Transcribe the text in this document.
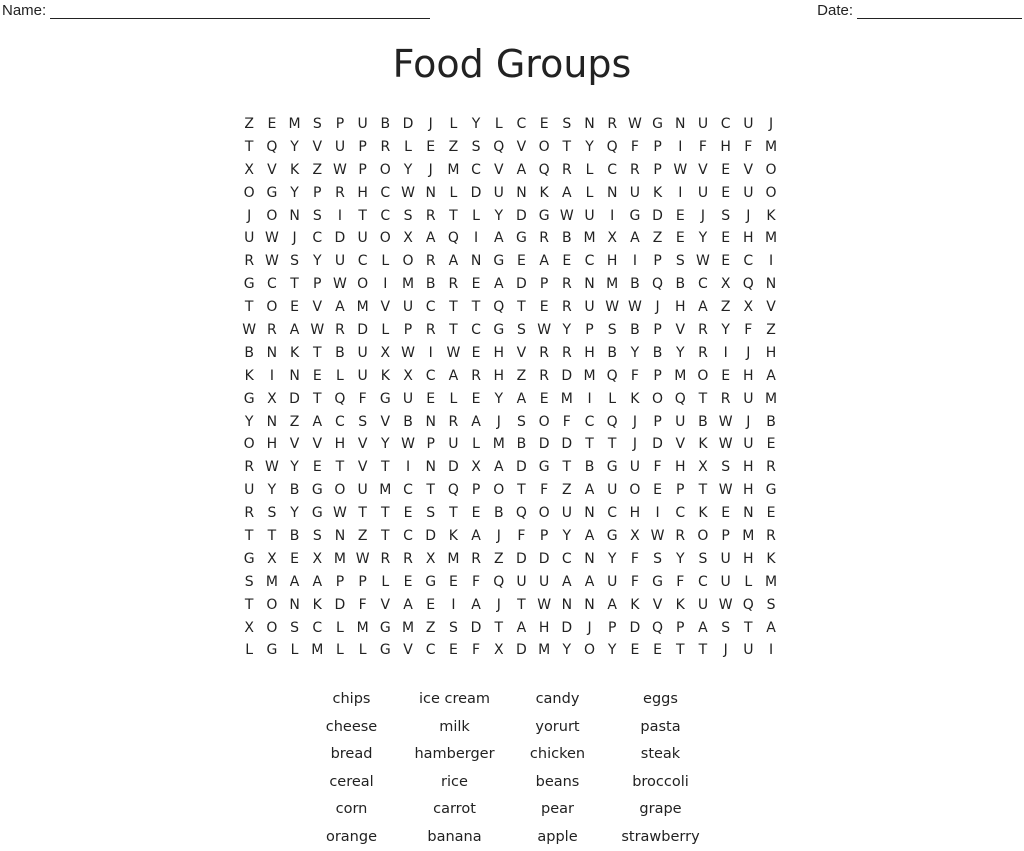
Name:	Date:
Food Groups
Z E M S P U B D	J	L	Y	L C E S N R W G N U C U	J
T Q Y V U P R L	E Z S Q V O T Y Q F	P	I	F H F M
X V K Z W P O Y	J	M C V A Q R L C R P W V E V O
O G Y P R H C W N L D U N K A L N U K	I	U E U O
J	O N S	I	T C S R T	L	Y D G W U	I	G D E	J	S	J	K
U W J	C D U O X A Q	I	A G R B M X A Z E Y E H M
R W S Y U C L O R A N G E A E C H	I	P S W E C	I
G C T P W O	I	M B R E A D P R N M B Q B C X Q N
T O E V A M V U C T T Q T E R U W W J	H A Z X V
W R A W R D L	P R T C G S W Y P S B P V R Y	F Z
B N K T B U X W I W E H V R R H B Y B Y R	I	J	H
K	I	N E	L U K X C A R H Z R D M Q F	P M O E H A
G X D T Q F G U E	L	E Y A E M	I	L K O Q T R U M
Y N Z A C S V B N R A	J	S O F C Q	J	P U B W J	B
O H V V H V Y W P U L M B D D T T	J	D V K W U E
R W Y E T V T	I	N D X A D G T B G U F H X S H R
U Y B G O U M C T Q P O T	F Z A U O E P T W H G
R S Y G W T T E S T E B Q O U N C H	I	C K E N E
T T B S N Z T C D K A	J	F	P Y A G X W R O P M R
G X E X M W R R X M R Z D D C N Y	F S Y S U H K
S M A A P P	L	E G E F Q U U A A U F G F C U L M
T O N K D F V A E	I	A	J	T W N N A K V K U W Q S
X O S C L M G M Z S D T A H D	J	P D Q P A S T A
L G L M L	L G V C E F X D M Y O Y E E T T	J	U	I
chips	ice cream	candy	eggs
cheese	milk	yorurt	pasta
bread	hamberger	chicken	steak
cereal	rice	beans	broccoli
corn	carrot	pear	grape
orange	banana	apple	strawberry
